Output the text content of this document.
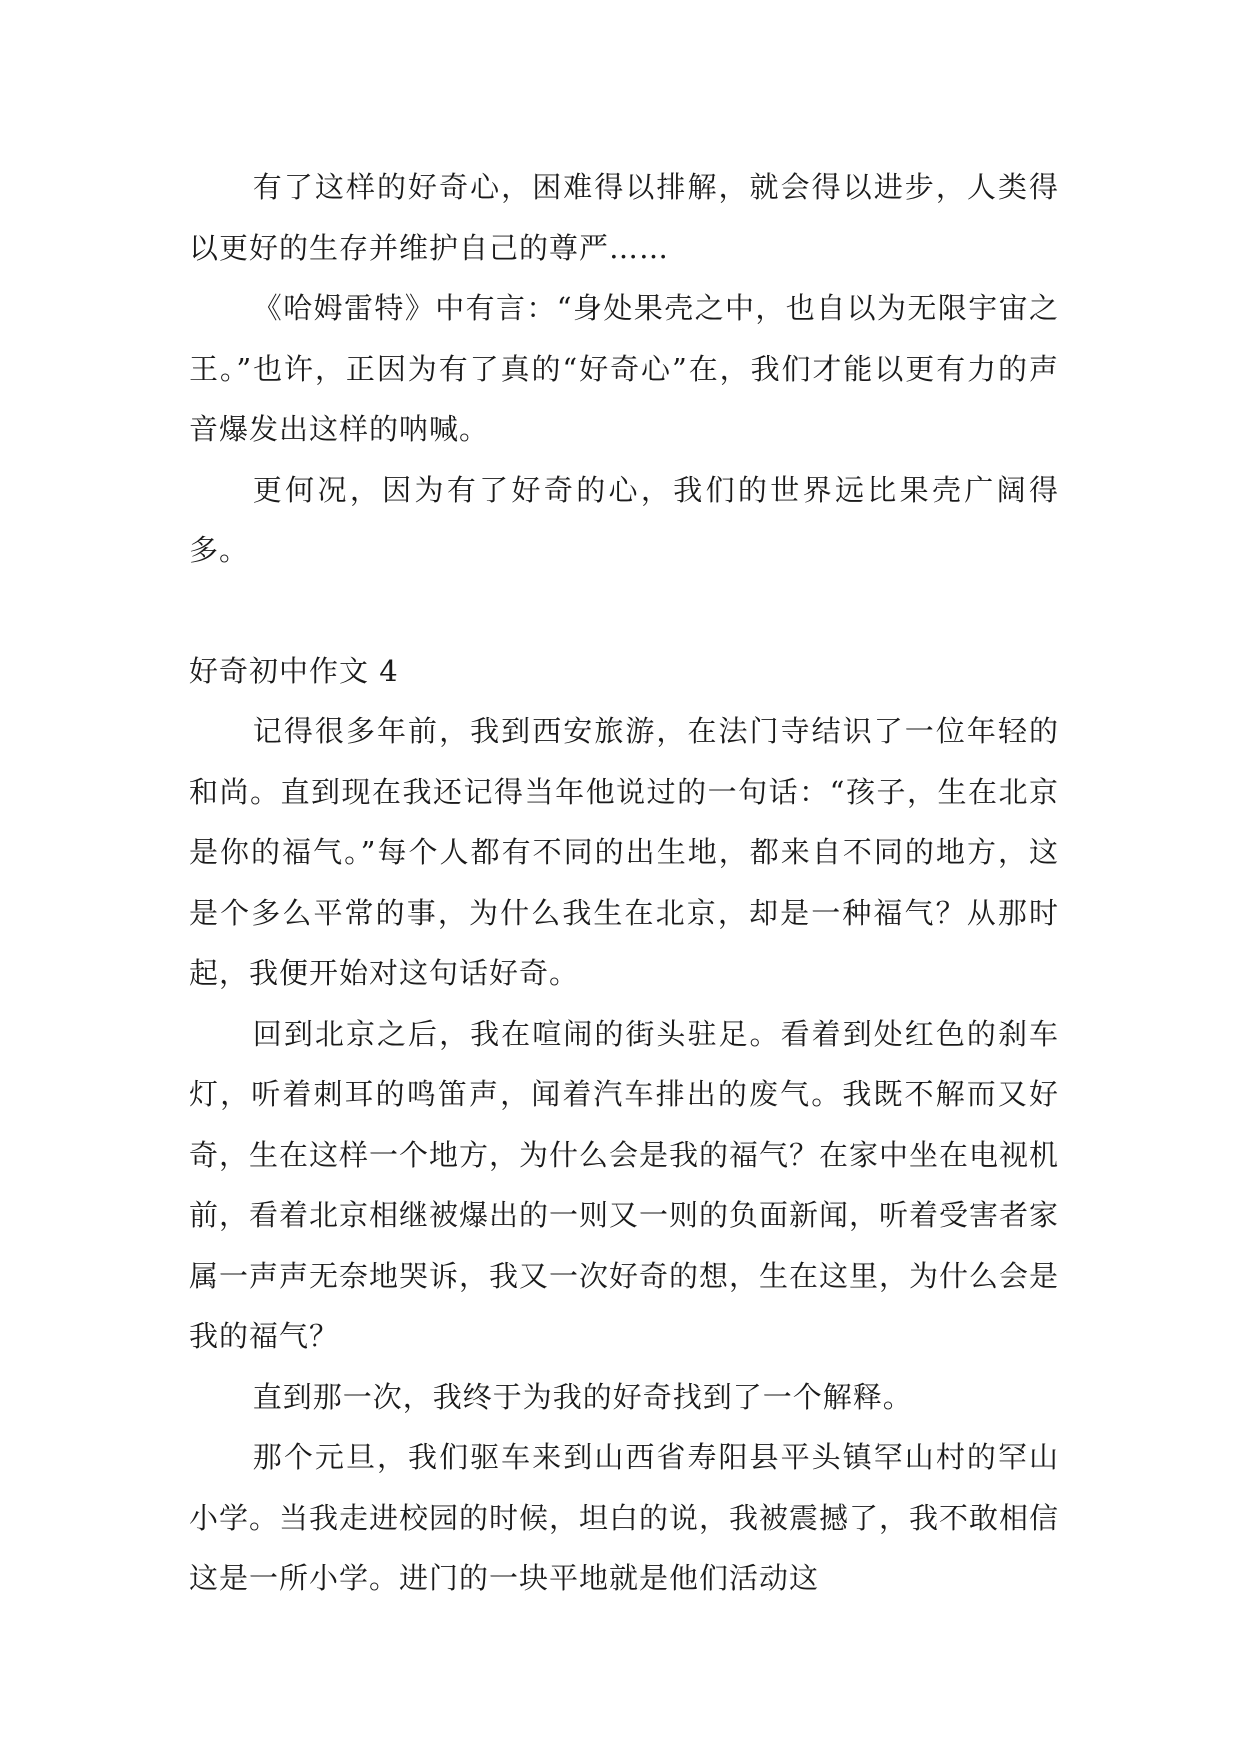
有了这样的好奇心，困难得以排解，就会得以进步，人类得以更好的生存并维护自己的尊严……

《哈姆雷特》中有言：“身处果壳之中，也自以为无限宇宙之王。”也许，正因为有了真的“好奇心”在，我们才能以更有力的声音爆发出这样的呐喊。

更何况，因为有了好奇的心，我们的世界远比果壳广阔得多。

好奇初中作文 4

记得很多年前，我到西安旅游，在法门寺结识了一位年轻的和尚。直到现在我还记得当年他说过的一句话：“孩子，生在北京是你的福气。”每个人都有不同的出生地，都来自不同的地方，这是个多么平常的事，为什么我生在北京，却是一种福气？从那时起，我便开始对这句话好奇。

回到北京之后，我在喧闹的街头驻足。看着到处红色的刹车灯，听着刺耳的鸣笛声，闻着汽车排出的废气。我既不解而又好奇，生在这样一个地方，为什么会是我的福气？在家中坐在电视机前，看着北京相继被爆出的一则又一则的负面新闻，听着受害者家属一声声无奈地哭诉，我又一次好奇的想，生在这里，为什么会是我的福气？

直到那一次，我终于为我的好奇找到了一个解释。

那个元旦，我们驱车来到山西省寿阳县平头镇罕山村的罕山小学。当我走进校园的时候，坦白的说，我被震撼了，我不敢相信这是一所小学。进门的一块平地就是他们活动这
